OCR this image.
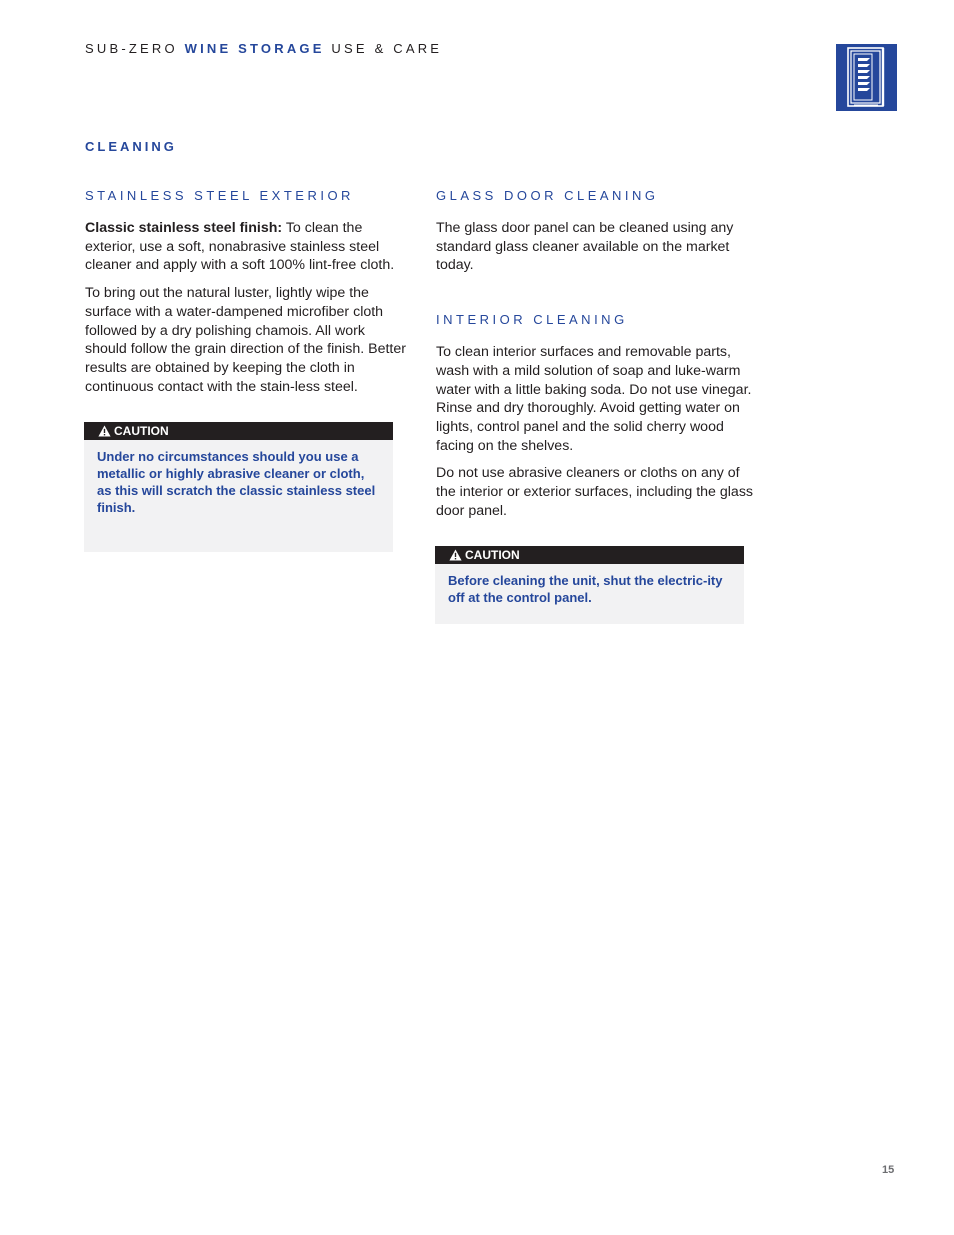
SUB-ZERO WINE STORAGE USE & CARE
CLEANING
STAINLESS STEEL EXTERIOR

Classic stainless steel finish: To clean the exterior, use a soft, nonabrasive stainless steel cleaner and apply with a soft 100% lint-free cloth.

To bring out the natural luster, lightly wipe the surface with a water-dampened microfiber cloth followed by a dry polishing chamois. All work should follow the grain direction of the finish. Better results are obtained by keeping the cloth in continuous contact with the stain-less steel.

CAUTION
Under no circumstances should you use a metallic or highly abrasive cleaner or cloth, as this will scratch the classic stainless steel finish.
GLASS DOOR CLEANING

The glass door panel can be cleaned using any standard glass cleaner available on the market today.

INTERIOR CLEANING

To clean interior surfaces and removable parts, wash with a mild solution of soap and luke-warm water with a little baking soda. Do not use vinegar. Rinse and dry thoroughly. Avoid getting water on lights, control panel and the solid cherry wood facing on the shelves.

Do not use abrasive cleaners or cloths on any of the interior or exterior surfaces, including the glass door panel.

CAUTION
Before cleaning the unit, shut the electric-ity off at the control panel.
15
